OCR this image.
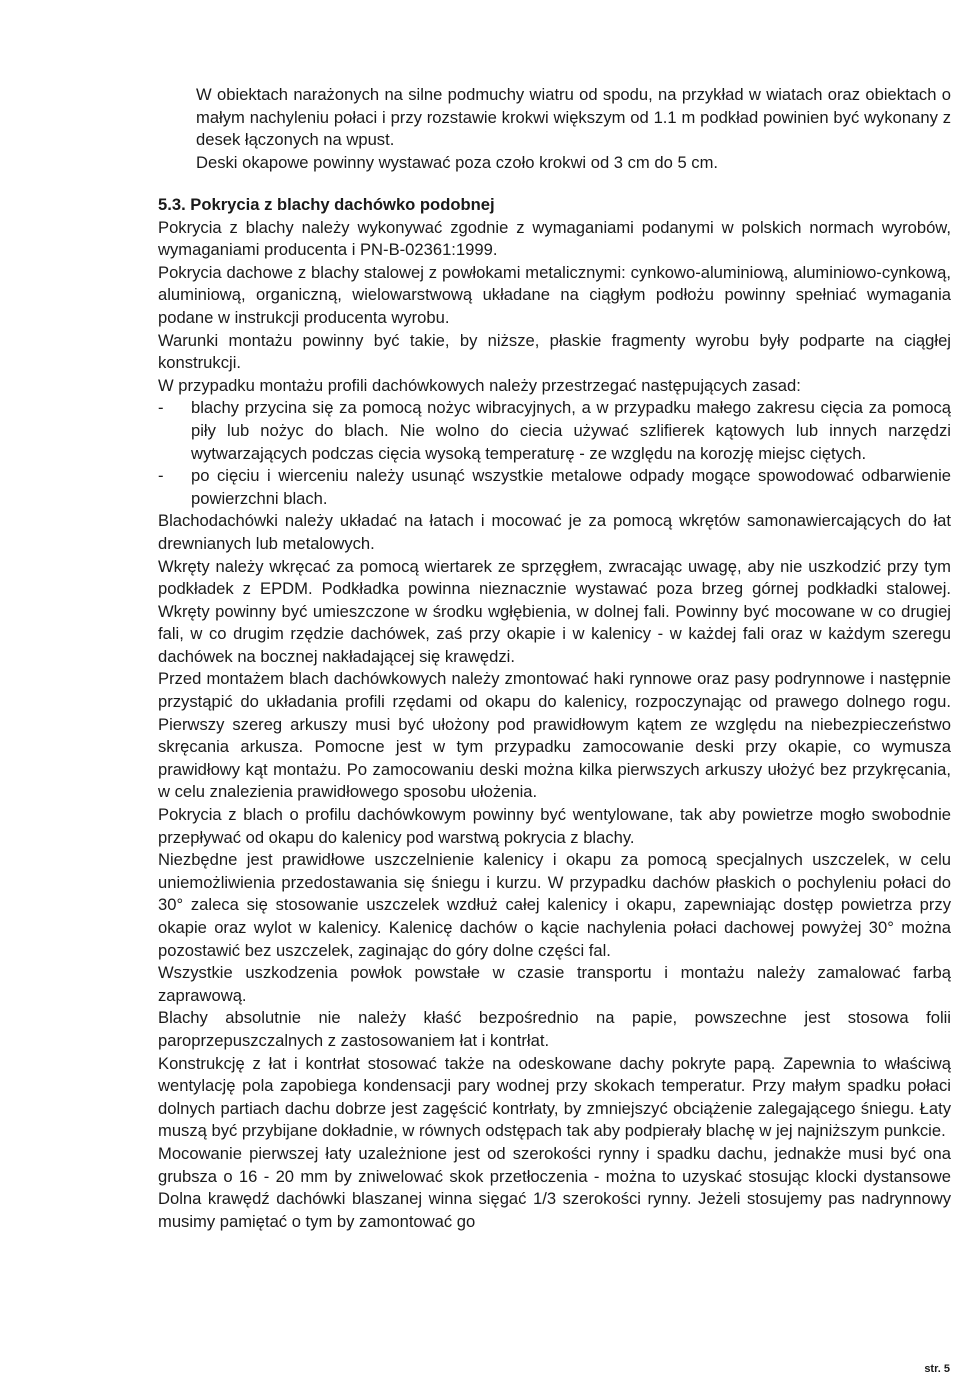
W obiektach narażonych na silne podmuchy wiatru od spodu, na przykład w wiatach oraz obiektach o małym nachyleniu połaci i przy rozstawie krokwi większym od 1.1 m podkład powinien być wykonany z desek łączonych na wpust.

Deski okapowe powinny wystawać poza czoło krokwi od 3 cm do 5 cm.

5.3. Pokrycia z blachy dachówko podobnej

Pokrycia z blachy należy wykonywać zgodnie z wymaganiami podanymi w polskich normach wyrobów, wymaganiami producenta i PN-B-02361:1999.

Pokrycia dachowe z blachy stalowej z powłokami metalicznymi: cynkowo-aluminiową, aluminiowo-cynkową, aluminiową, organiczną, wielowarstwową układane na ciągłym podłożu powinny spełniać wymagania podane w instrukcji producenta wyrobu.

Warunki montażu powinny być takie, by niższe, płaskie fragmenty wyrobu były podparte na ciągłej konstrukcji.

W przypadku montażu profili dachówkowych należy przestrzegać następujących zasad:

- blachy przycina się za pomocą nożyc wibracyjnych, a w przypadku małego zakresu cięcia za pomocą piły lub nożyc do blach. Nie wolno do ciecia używać szlifierek kątowych lub innych narzędzi wytwarzających podczas cięcia wysoką temperaturę - ze względu na korozję miejsc ciętych.
- po cięciu i wierceniu należy usunąć wszystkie metalowe odpady mogące spowodować odbarwienie powierzchni blach.

Blachodachówki należy układać na łatach i mocować je za pomocą wkrętów samonawiercających do łat drewnianych lub metalowych.

Wkręty należy wkręcać za pomocą wiertarek ze sprzęgłem, zwracając uwagę, aby nie uszkodzić przy tym podkładek z EPDM. Podkładka powinna nieznacznie wystawać poza brzeg górnej podkładki stalowej. Wkręty powinny być umieszczone w środku wgłębienia, w dolnej fali. Powinny być mocowane w co drugiej fali, w co drugim rzędzie dachówek, zaś przy okapie i w kalenicy - w każdej fali oraz w każdym szeregu dachówek na bocznej nakładającej się krawędzi.

Przed montażem blach dachówkowych należy zmontować haki rynnowe oraz pasy podrynnowe i następnie przystąpić do układania profili rzędami od okapu do kalenicy, rozpoczynając od prawego dolnego rogu. Pierwszy szereg arkuszy musi być ułożony pod prawidłowym kątem ze względu na niebezpieczeństwo skręcania arkusza. Pomocne jest w tym przypadku zamocowanie deski przy okapie, co wymusza prawidłowy kąt montażu. Po zamocowaniu deski można kilka pierwszych arkuszy ułożyć bez przykręcania, w celu znalezienia prawidłowego sposobu ułożenia.

Pokrycia z blach o profilu dachówkowym powinny być wentylowane, tak aby powietrze mogło swobodnie przepływać od okapu do kalenicy pod warstwą pokrycia z blachy.

Niezbędne jest prawidłowe uszczelnienie kalenicy i okapu za pomocą specjalnych uszczelek, w celu uniemożliwienia przedostawania się śniegu i kurzu. W przypadku dachów płaskich o pochyleniu połaci do 30° zaleca się stosowanie uszczelek wzdłuż całej kalenicy i okapu, zapewniając dostęp powietrza przy okapie oraz wylot w kalenicy. Kalenicę dachów o kącie nachylenia połaci dachowej powyżej 30° można pozostawić bez uszczelek, zaginając do góry dolne części fal.

Wszystkie uszkodzenia powłok powstałe w czasie transportu i montażu należy zamalować farbą zaprawową.

Blachy absolutnie nie należy kłaść bezpośrednio na papie, powszechne jest stosowa folii paroprzepuszczalnych z zastosowaniem łat i kontrłat.

Konstrukcję z łat i kontrłat stosować także na odeskowane dachy pokryte papą. Zapewnia to właściwą wentylację pola zapobiega kondensacji pary wodnej przy skokach temperatur. Przy małym spadku połaci dolnych partiach dachu dobrze jest zagęścić kontrłaty, by zmniejszyć obciążenie zalegającego śniegu. Łaty muszą być przybijane dokładnie, w równych odstępach tak aby podpierały blachę w jej najniższym punkcie.

Mocowanie pierwszej łaty uzależnione jest od szerokości rynny i spadku dachu, jednakże musi być ona grubsza o 16 - 20 mm by zniwelować skok przetłoczenia - można to uzyskać stosując klocki dystansowe Dolna krawędź dachówki blaszanej winna sięgać 1/3 szerokości rynny. Jeżeli stosujemy pas nadrynnowy musimy pamiętać o tym by zamontować go

str. 5
